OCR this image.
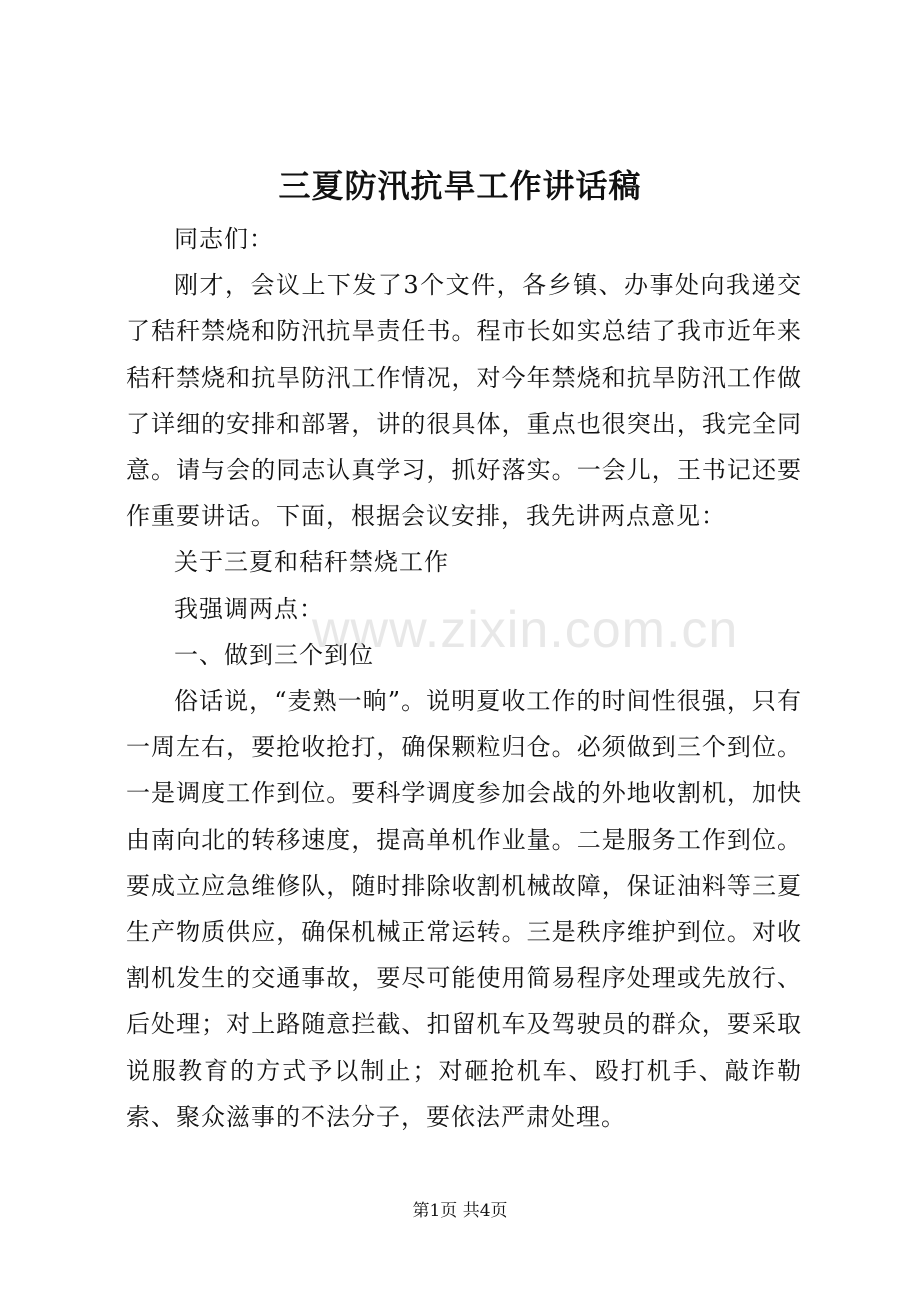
三夏防汛抗旱工作讲话稿

同志们：

刚才，会议上下发了3个文件，各乡镇、办事处向我递交了秸秆禁烧和防汛抗旱责任书。程市长如实总结了我市近年来秸秆禁烧和抗旱防汛工作情况，对今年禁烧和抗旱防汛工作做了详细的安排和部署，讲的很具体，重点也很突出，我完全同意。请与会的同志认真学习，抓好落实。一会儿，王书记还要作重要讲话。下面，根据会议安排，我先讲两点意见：

关于三夏和秸秆禁烧工作

我强调两点：

一、做到三个到位

俗话说，“麦熟一晌”。说明夏收工作的时间性很强，只有一周左右，要抢收抢打，确保颗粒归仓。必须做到三个到位。一是调度工作到位。要科学调度参加会战的外地收割机，加快由南向北的转移速度，提高单机作业量。二是服务工作到位。要成立应急维修队，随时排除收割机械故障，保证油料等三夏生产物质供应，确保机械正常运转。三是秩序维护到位。对收割机发生的交通事故，要尽可能使用简易程序处理或先放行、后处理；对上路随意拦截、扣留机车及驾驶员的群众，要采取说服教育的方式予以制止；对砸抢机车、殴打机手、敲诈勒索、聚众滋事的不法分子，要依法严肃处理。

www.zixin.com.cn
第1页 共4页
